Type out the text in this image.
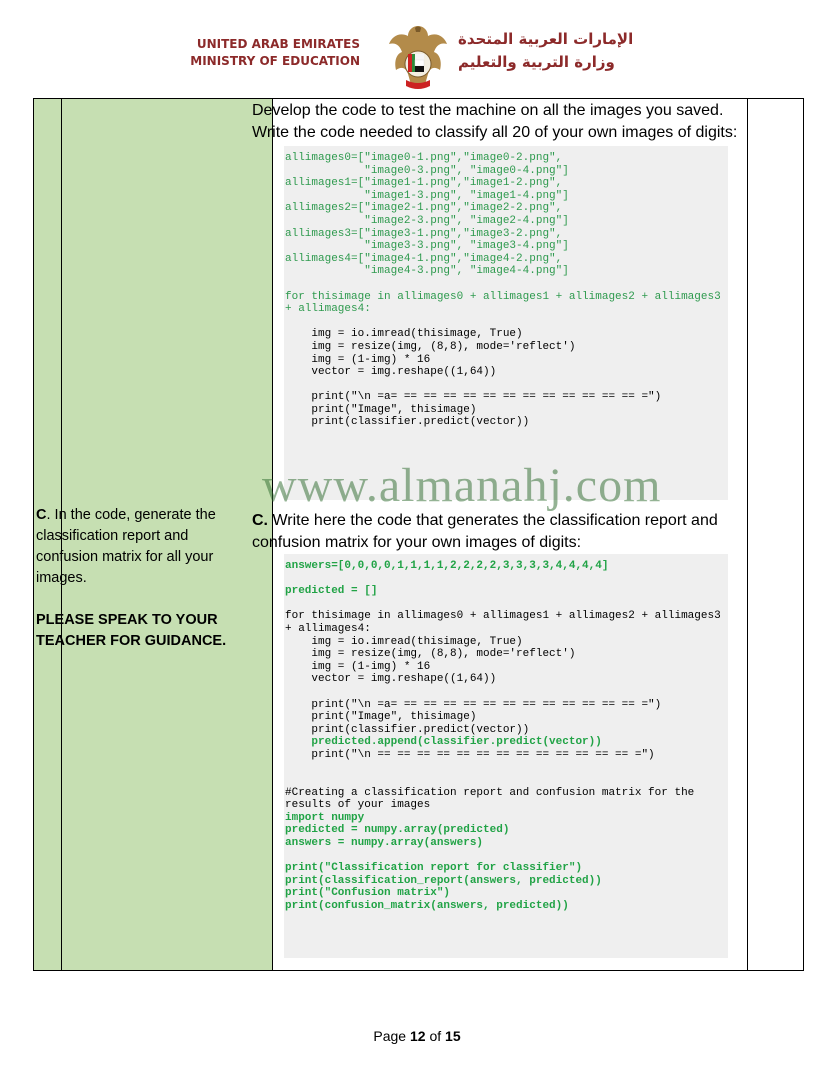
UNITED ARAB EMIRATES
MINISTRY OF EDUCATION
الإمارات العربية المتحدة
وزارة التربية والتعليم

Develop the code to test the machine on all the images you saved. Write the code needed to classify all 20 of your own images of digits:

allimages0=["image0-1.png","image0-2.png",
"image0-3.png", "image0-4.png"]
allimages1=["image1-1.png","image1-2.png",
"image1-3.png", "image1-4.png"]
allimages2=["image2-1.png","image2-2.png",
"image2-3.png", "image2-4.png"]
allimages3=["image3-1.png","image3-2.png",
"image3-3.png", "image3-4.png"]
allimages4=["image4-1.png","image4-2.png",
"image4-3.png", "image4-4.png"]

for thisimage in allimages0 + allimages1 + allimages2 + allimages3
+ allimages4:

img = io.imread(thisimage, True)
img = resize(img, (8,8), mode='reflect')
img = (1-img) * 16
vector = img.reshape((1,64))

print("\n =a= == == == == == == == == == == == == =")
print("Image", thisimage)
print(classifier.predict(vector))
www.almanahj.com

C. In the code, generate the classification report and confusion matrix for all your images.

PLEASE SPEAK TO YOUR TEACHER FOR GUIDANCE.

C. Write here the code that generates the classification report and confusion matrix for your own images of digits:

answers=[0,0,0,0,1,1,1,1,2,2,2,2,3,3,3,3,4,4,4,4]

predicted = []

for thisimage in allimages0 + allimages1 + allimages2 + allimages3
+ allimages4:
img = io.imread(thisimage, True)
img = resize(img, (8,8), mode='reflect')
img = (1-img) * 16
vector = img.reshape((1,64))

print("\n =a= == == == == == == == == == == == == =")
print("Image", thisimage)
print(classifier.predict(vector))
predicted.append(classifier.predict(vector))
print("\n == == == == == == == == == == == == == =")

#Creating a classification report and confusion matrix for the
results of your images
import numpy
predicted = numpy.array(predicted)
answers = numpy.array(answers)

print("Classification report for classifier")
print(classification_report(answers, predicted))
print("Confusion matrix")
print(confusion_matrix(answers, predicted))
Page 12 of 15
